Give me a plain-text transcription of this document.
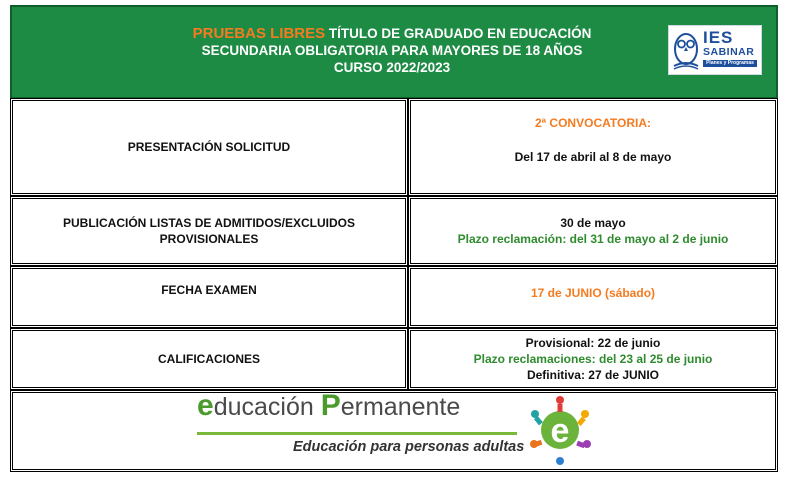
PRUEBAS LIBRES TÍTULO DE GRADUADO EN EDUCACIÓN
SECUNDARIA OBLIGATORIA PARA MAYORES DE 18 AÑOS
CURSO 2022/2023
IES
SABINAR
Planes y Programas
PRESENTACIÓN SOLICITUD
2ª CONVOCATORIA:
Del 17 de abril al 8 de mayo
PUBLICACIÓN LISTAS DE ADMITIDOS/EXCLUIDOS
PROVISIONALES
30 de mayo
Plazo reclamación: del 31 de mayo al 2 de junio
FECHA EXAMEN	17 de JUNIO (sábado)
CALIFICACIONES
Provisional: 22 de junio
Plazo reclamaciones: del 23 al 25 de junio
Definitiva: 27 de JUNIO
educación Permanente
Educación para personas adultas e
